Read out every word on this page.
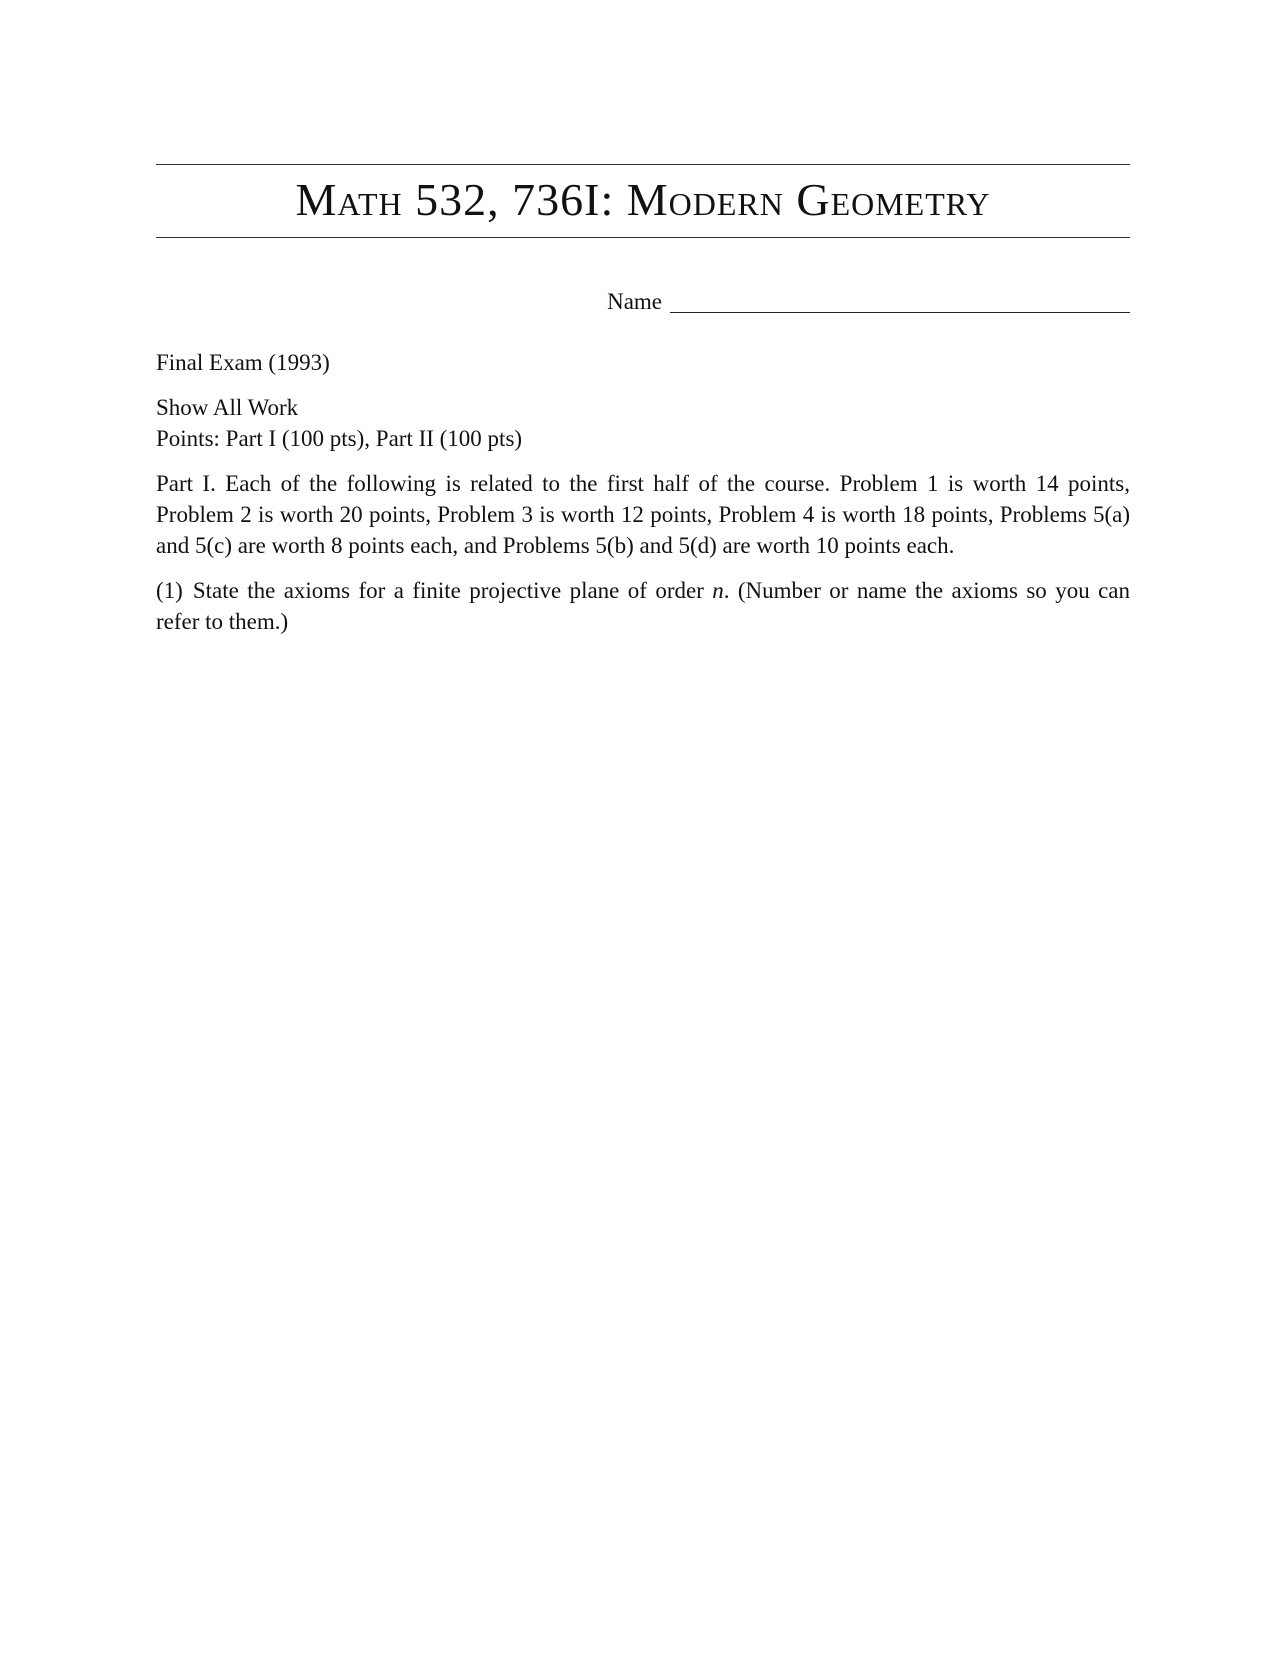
Math 532, 736I: Modern Geometry
Name
Final Exam (1993)
Show All Work
Points: Part I (100 pts), Part II (100 pts)
Part I. Each of the following is related to the first half of the course. Problem 1 is worth 14 points, Problem 2 is worth 20 points, Problem 3 is worth 12 points, Problem 4 is worth 18 points, Problems 5(a) and 5(c) are worth 8 points each, and Problems 5(b) and 5(d) are worth 10 points each.
(1) State the axioms for a finite projective plane of order n. (Number or name the axioms so you can refer to them.)
